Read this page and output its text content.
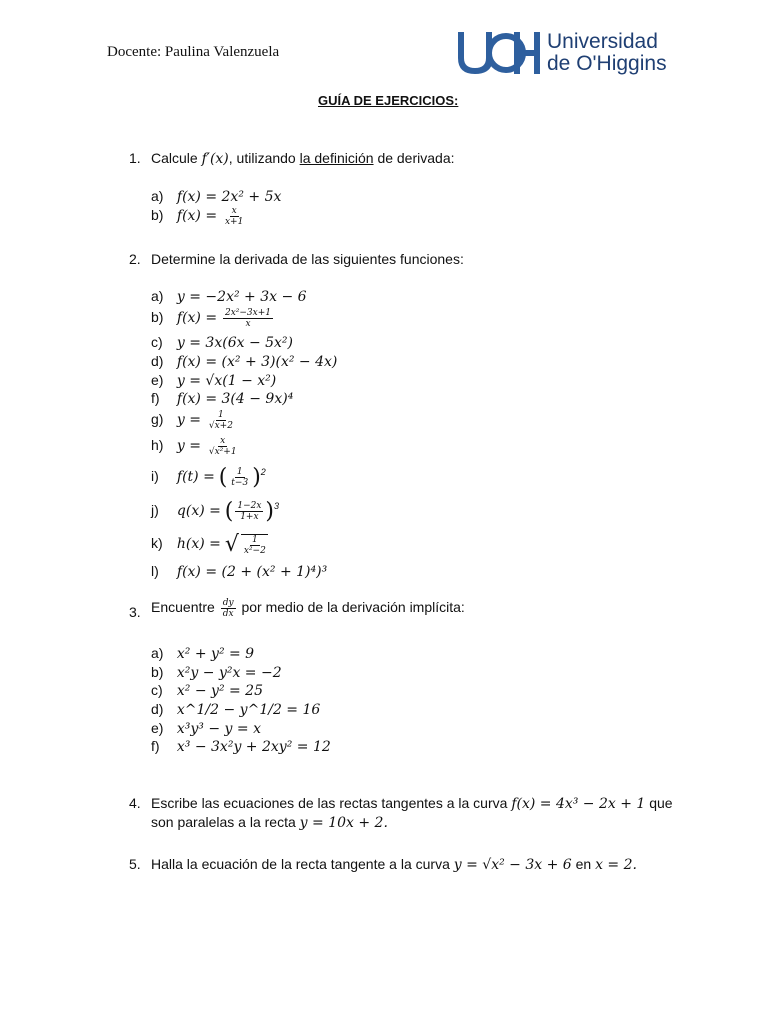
Docente: Paulina Valenzuela	Universidad
de O'Higgins
GUÍA DE EJERCICIOS:
1. Calcule f′(x), utilizando la definición de derivada:
a) f(x) = 2x² + 5x
b) $f(x) = \frac{x}{x+1}$
2. Determine la derivada de las siguientes funciones:
a) y = −2x² + 3x − 6
b) $f(x) = \frac{\text{2x²−3x+1}}{x}$
c) y = 3x(6x − 5x²)
d) f(x) = (x² + 3)(x² − 4x)
e) y = √x(1 − x²)
f) f(x) = 3(4 − 9x)⁴
g) $y = \frac{1}{√x+2}$
h) $y = \frac{x}{\text{√x²+1}}$
i) f(t) = ( $\frac{1}{t-3} )^2$
j) q(x) = ( $\frac{1-2x}{1+x} )^3$
k) h(x) = √ $\frac{1}{\text{x²−2}}$
l) f(x) = (2 + (x² + 1)⁴)³
3. Encuentre $\frac{dy}{dx}$ por medio de la derivación implícita:
a) x² + y² = 9
b) x²y − y²x = −2
c) x² − y² = 25
d) x^1/2 − y^1/2 = 16
e) x³y³ − y = x
f) x³ − 3x²y + 2xy² = 12
4. Escribe las ecuaciones de las rectas tangentes a la curva f(x) = 4x³ − 2x + 1 que
son paralelas a la recta y = 10x + 2.
5. Halla la ecuación de la recta tangente a la curva y = √x² − 3x + 6 en x = 2.
